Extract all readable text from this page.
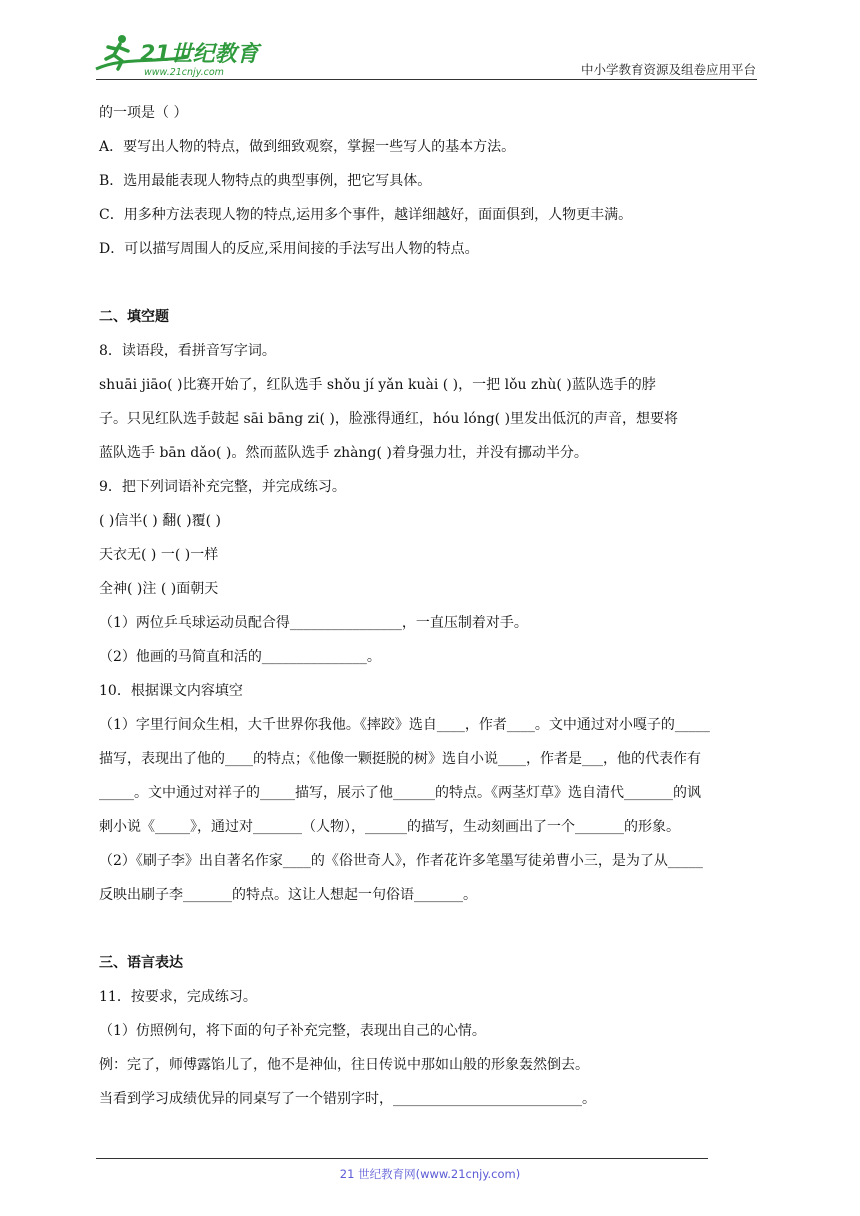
21世纪教育
www.21cnjy.com	中小学教育资源及组卷应用平台
的一项是（ ）
A．要写出人物的特点，做到细致观察，掌握一些写人的基本方法。
B．选用最能表现人物特点的典型事例，把它写具体。
C．用多种方法表现人物的特点,运用多个事件，越详细越好，面面俱到，人物更丰满。
D．可以描写周围人的反应,采用间接的手法写出人物的特点。
二、填空题
8．读语段，看拼音写字词。
shuāi jiāo( )比赛开始了，红队选手 shǒu jí yǎn kuài ( )，一把 lǒu zhù( )蓝队选手的脖
子。只见红队选手鼓起 sāi bāng zi( )，脸涨得通红，hóu lóng( )里发出低沉的声音，想要将
蓝队选手 bān dǎo( )。然而蓝队选手 zhàng( )着身强力壮，并没有挪动半分。
9．把下列词语补充完整，并完成练习。
( )信半( ) 翻( )覆( )
天衣无( ) 一( )一样
全神( )注 ( )面朝天
（1）两位乒乓球运动员配合得________________，一直压制着对手。
（2）他画的马简直和活的_______________。
10．根据课文内容填空
（1）字里行间众生相，大千世界你我他。《摔跤》选自____，作者____。文中通过对小嘎子的_____
描写，表现出了他的____的特点；《他像一颗挺脱的树》选自小说____，作者是___，他的代表作有
_____。文中通过对祥子的_____描写，展示了他______的特点。《两茎灯草》选自清代_______的讽
刺小说《_____》，通过对_______（人物），______的描写，生动刻画出了一个_______的形象。
（2）《刷子李》出自著名作家____的《俗世奇人》，作者花许多笔墨写徒弟曹小三，是为了从_____
反映出刷子李_______的特点。这让人想起一句俗语_______。
三、语言表达
11．按要求，完成练习。
（1）仿照例句，将下面的句子补充完整，表现出自己的心情。
例：完了，师傅露馅儿了，他不是神仙，往日传说中那如山般的形象轰然倒去。
当看到学习成绩优异的同桌写了一个错别字时，___________________________。
21 世纪教育网(www.21cnjy.com)
